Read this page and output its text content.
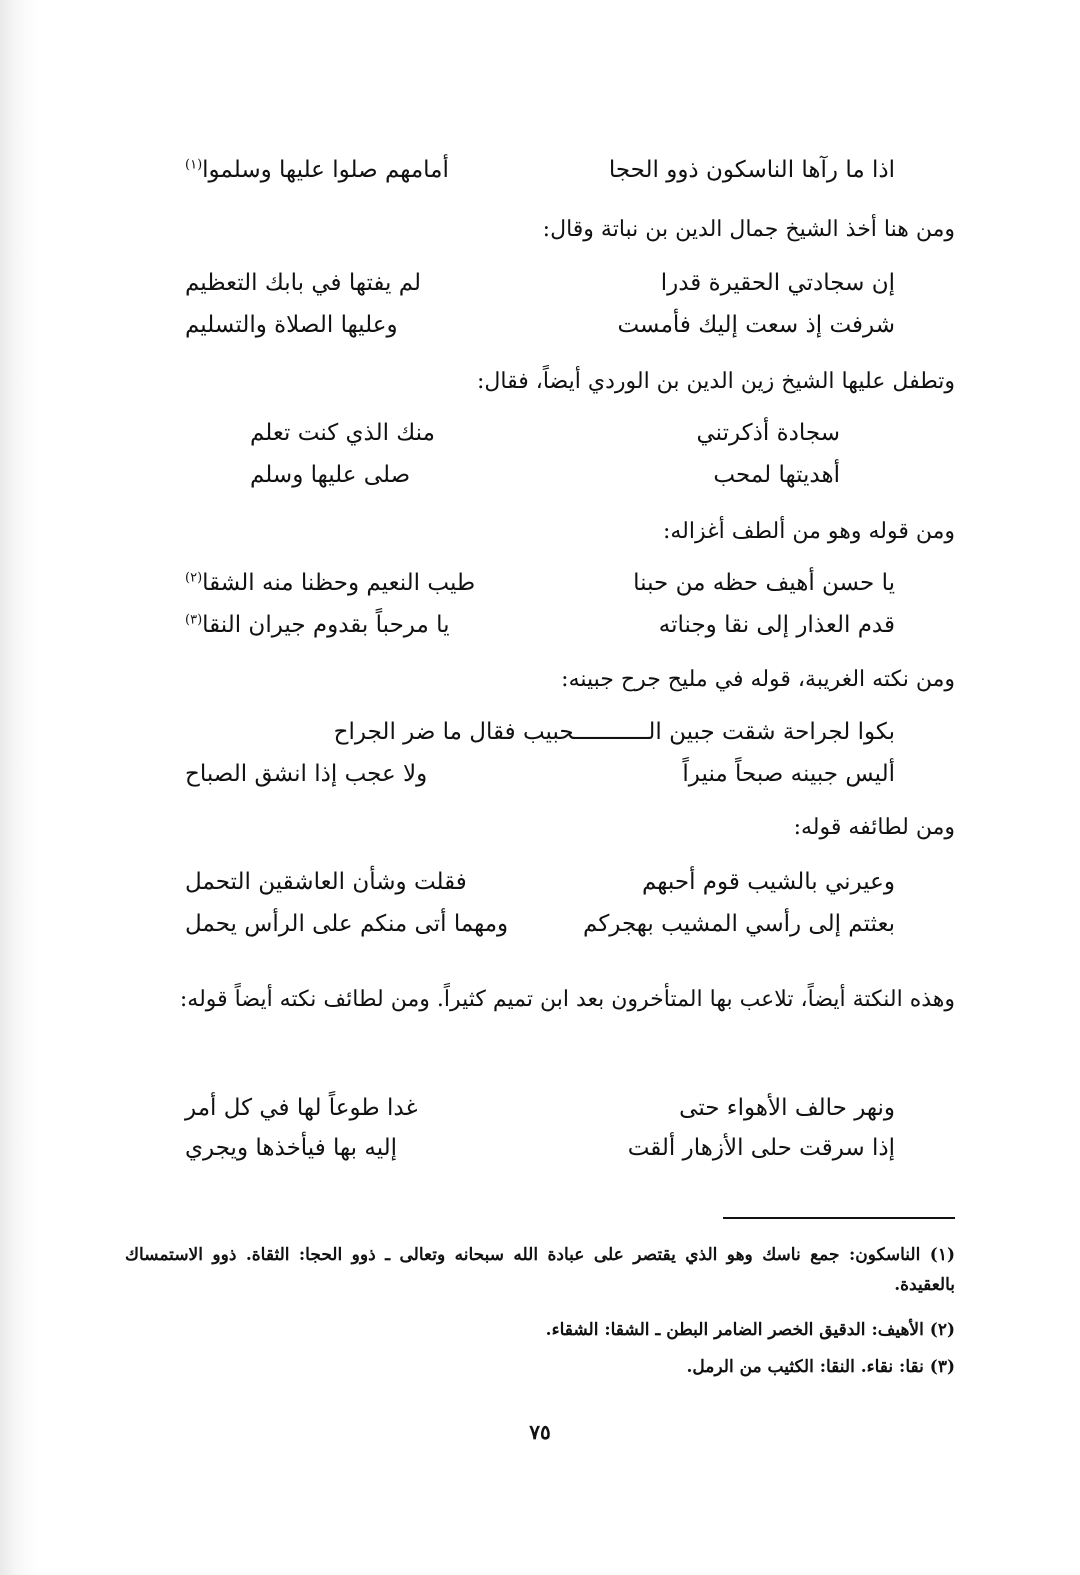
اذا ما رآها الناسكون ذوو الحجا
أمامهم صلوا عليها وسلموا$^{(١)}$
ومن هنا أخذ الشيخ جمال الدين بن نباتة وقال:
إن سجادتي الحقيرة قدرا
لم يفتها في بابك التعظيم
شرفت إذ سعت إليك فأمست
وعليها الصلاة والتسليم
وتطفل عليها الشيخ زين الدين بن الوردي أيضاً، فقال:
سجادة أذكرتني
منك الذي كنت تعلم
أهديتها لمحب
صلى عليها وسلم
ومن قوله وهو من ألطف أغزاله:
يا حسن أهيف حظه من حبنا
طيب النعيم وحظنا منه الشقا$^{(٢)}$
قدم العذار إلى نقا وجناته
يا مرحباً بقدوم جيران النقا$^{(٣)}$
ومن نكته الغريبة، قوله في مليح جرح جبينه:
بكوا لجراحة شقت جبين الـــــــــــحبيب فقال ما ضر الجراح
أليس جبينه صبحاً منيراً
ولا عجب إذا انشق الصباح
ومن لطائفه قوله:
وعيرني بالشيب قوم أحبهم
فقلت وشأن العاشقين التحمل
بعثتم إلى رأسي المشيب بهجركم
ومهما أتى منكم على الرأس يحمل
وهذه النكتة أيضاً، تلاعب بها المتأخرون بعد ابن تميم كثيراً. ومن لطائف نكته أيضاً قوله:
ونهر حالف الأهواء حتى
غدا طوعاً لها في كل أمر
إذا سرقت حلى الأزهار ألقت
إليه بها فيأخذها ويجري
(١) الناسكون: جمع ناسك وهو الذي يقتصر على عبادة الله سبحانه وتعالى ـ ذوو الحجا: الثقاة. ذوو الاستمساك بالعقيدة.
(٢) الأهيف: الدقيق الخصر الضامر البطن ـ الشقا: الشقاء.
(٣) نقا: نقاء. النقا: الكثيب من الرمل.
٧٥
